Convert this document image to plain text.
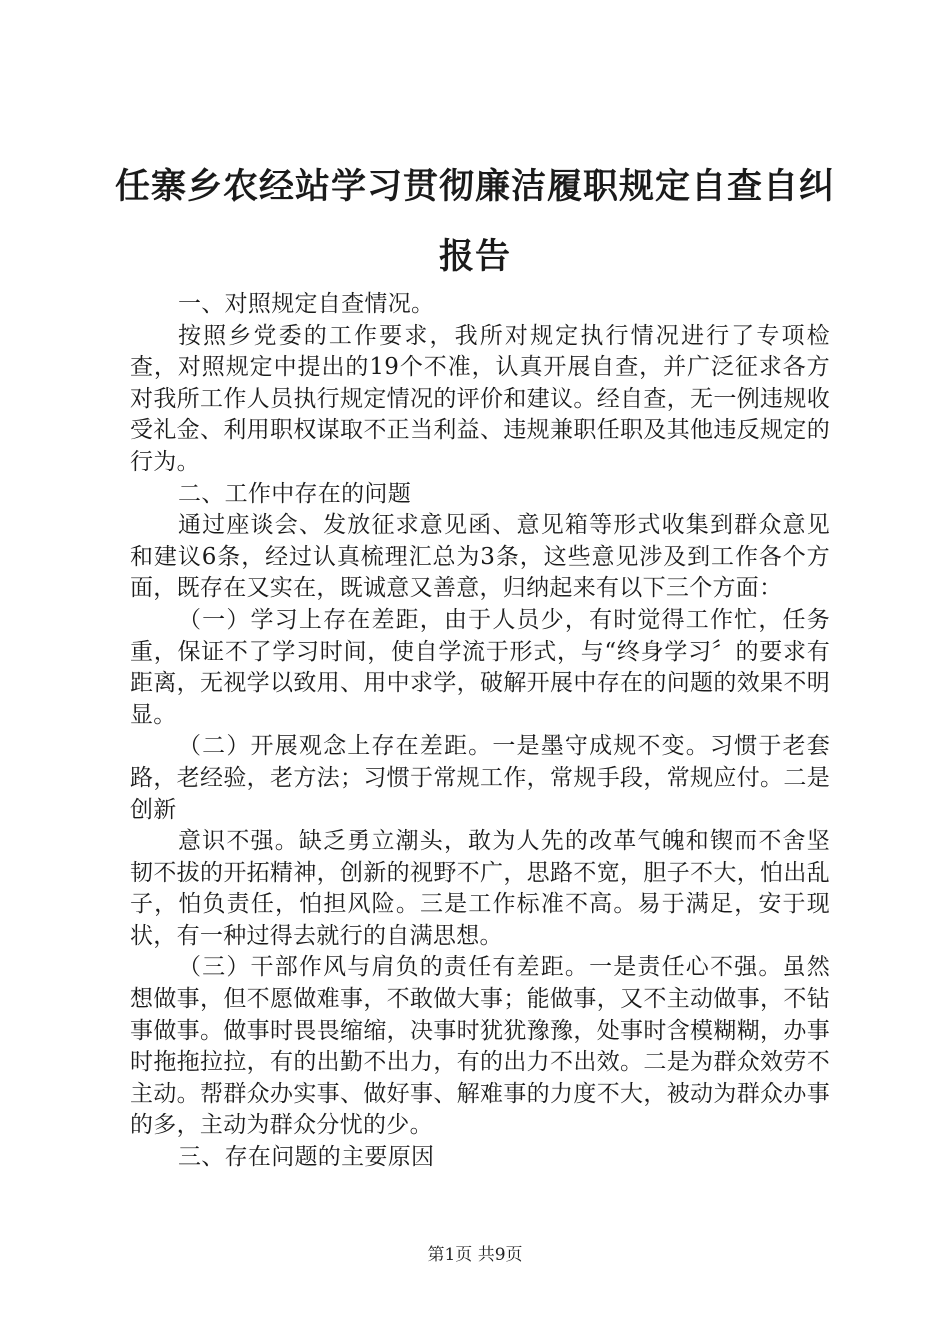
任寨乡农经站学习贯彻廉洁履职规定自查自纠报告

一、对照规定自查情况。

按照乡党委的工作要求，我所对规定执行情况进行了专项检查，对照规定中提出的19个不准，认真开展自查，并广泛征求各方对我所工作人员执行规定情况的评价和建议。经自查，无一例违规收受礼金、利用职权谋取不正当利益、违规兼职任职及其他违反规定的行为。

二、工作中存在的问题

通过座谈会、发放征求意见函、意见箱等形式收集到群众意见和建议6条，经过认真梳理汇总为3条，这些意见涉及到工作各个方面，既存在又实在，既诚意又善意，归纳起来有以下三个方面：

（一）学习上存在差距，由于人员少，有时觉得工作忙，任务重，保证不了学习时间，使自学流于形式，与“终身学习〞的要求有距离，无视学以致用、用中求学，破解开展中存在的问题的效果不明显。

（二）开展观念上存在差距。一是墨守成规不变。习惯于老套路，老经验，老方法；习惯于常规工作，常规手段，常规应付。二是创新

意识不强。缺乏勇立潮头，敢为人先的改革气魄和锲而不舍坚韧不拔的开拓精神，创新的视野不广，思路不宽，胆子不大，怕出乱子，怕负责任，怕担风险。三是工作标准不高。易于满足，安于现状，有一种过得去就行的自满思想。

（三）干部作风与肩负的责任有差距。一是责任心不强。虽然想做事，但不愿做难事，不敢做大事；能做事，又不主动做事，不钻事做事。做事时畏畏缩缩，决事时犹犹豫豫，处事时含模糊糊，办事时拖拖拉拉，有的出勤不出力，有的出力不出效。二是为群众效劳不主动。帮群众办实事、做好事、解难事的力度不大，被动为群众办事的多，主动为群众分忧的少。

三、存在问题的主要原因

第1页 共9页
